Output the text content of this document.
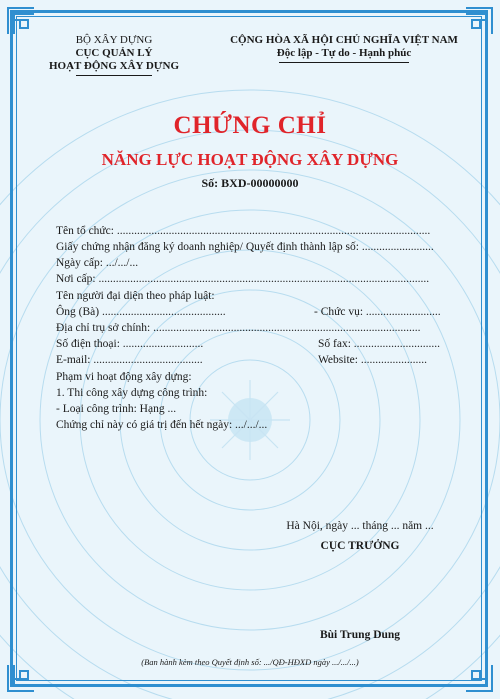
BỘ XÂY DỰNG
CỤC QUẢN LÝ
HOẠT ĐỘNG XÂY DỰNG
CỘNG HÒA XÃ HỘI CHỦ NGHĨA VIỆT NAM
Độc lập - Tự do - Hạnh phúc
CHỨNG CHỈ
NĂNG LỰC HOẠT ĐỘNG XÂY DỰNG
Số: BXD-00000000
Tên tổ chức: .............................................................................................................
Giấy chứng nhận đăng ký doanh nghiệp/ Quyết định thành lập số: .........................
Ngày cấp: .../.../...
Nơi cấp: ...................................................................................................................
Tên người đại diện theo pháp luật:
Ông (Bà) ...........................................	- Chức vụ: ..........................
Địa chỉ trụ sở chính: .............................................................................................
Số điện thoại: ............................	Số fax: ..............................
E-mail: ......................................	Website: .......................
Phạm vi hoạt động xây dựng:
1. Thi công xây dựng công trình:
- Loại công trình: Hạng ...
Chứng chỉ này có giá trị đến hết ngày: .../.../...
Hà Nội, ngày ... tháng ... năm ...
CỤC TRƯỞNG
Bùi Trung Dung
(Ban hành kèm theo Quyết định số: .../QĐ-HĐXD ngày .../.../...)
